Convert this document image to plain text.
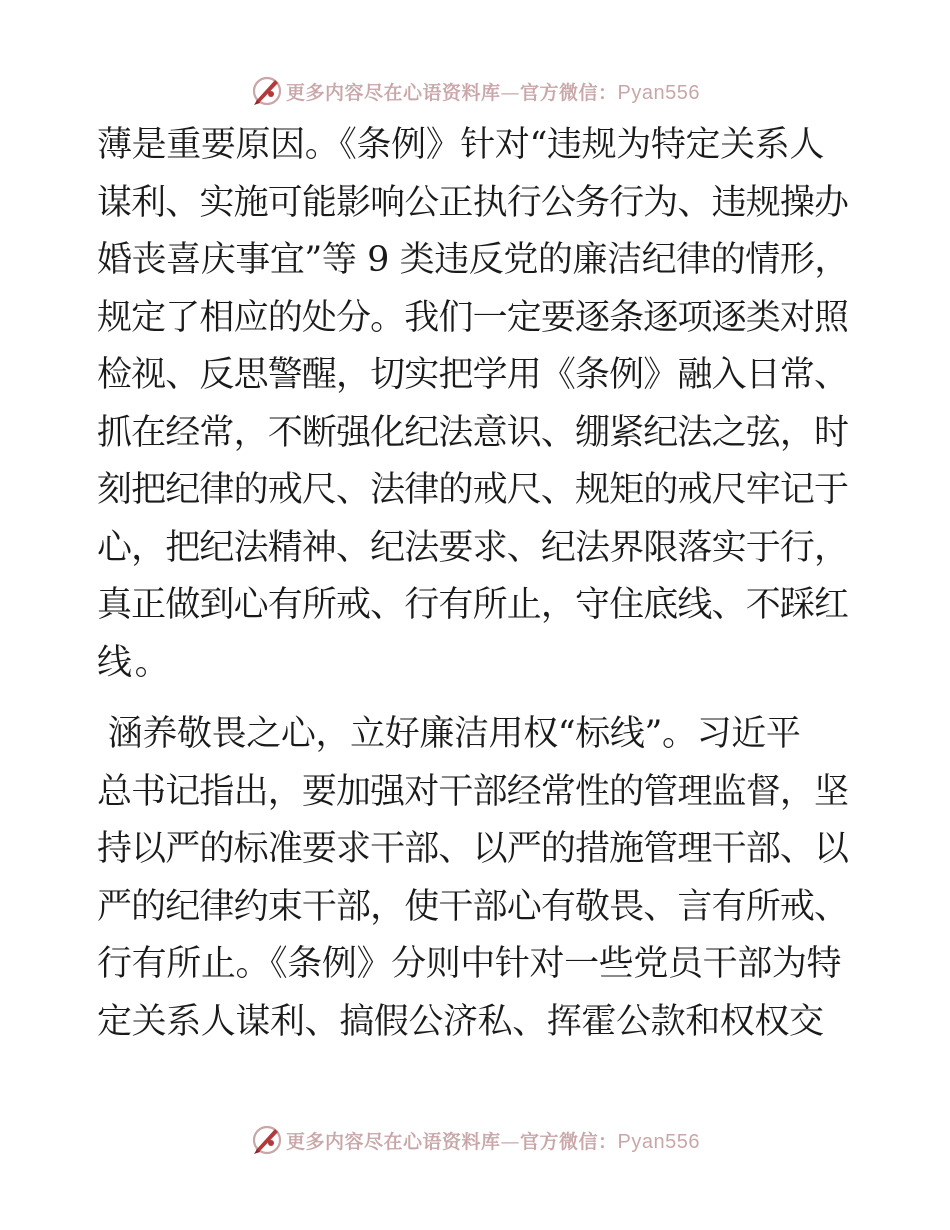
更多内容尽在心语资料库—官方微信：Pyan556

薄是重要原因。《条例》针对“违规为特定关系人
谋利、实施可能影响公正执行公务行为、违规操办
婚丧喜庆事宜”等 9 类违反党的廉洁纪律的情形，
规定了相应的处分。我们一定要逐条逐项逐类对照
检视、反思警醒，切实把学用《条例》融入日常、
抓在经常，不断强化纪法意识、绷紧纪法之弦，时
刻把纪律的戒尺、法律的戒尺、规矩的戒尺牢记于
心，把纪法精神、纪法要求、纪法界限落实于行，
真正做到心有所戒、行有所止，守住底线、不踩红
线。

涵养敬畏之心，立好廉洁用权“标线”。习近平
总书记指出，要加强对干部经常性的管理监督，坚
持以严的标准要求干部、以严的措施管理干部、以
严的纪律约束干部，使干部心有敬畏、言有所戒、
行有所止。《条例》分则中针对一些党员干部为特
定关系人谋利、搞假公济私、挥霍公款和权权交

更多内容尽在心语资料库—官方微信：Pyan556
